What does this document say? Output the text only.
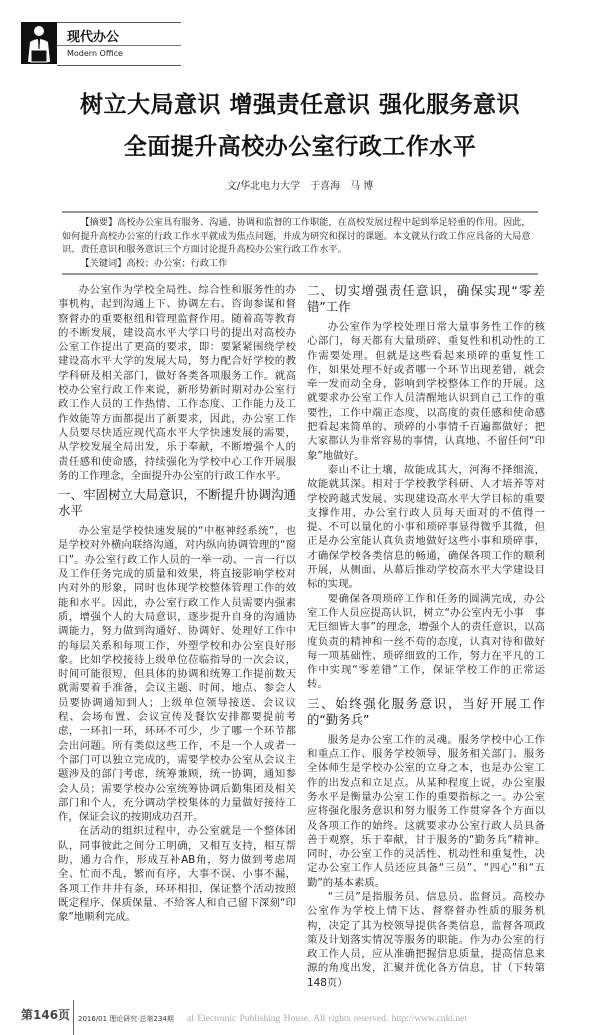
现代办公
Modern Office
树立大局意识 增强责任意识 强化服务意识
全面提升高校办公室行政工作水平
文/华北电力大学　于喜海　马 博

【摘要】高校办公室具有服务、沟通、协调和监督的工作职能，在高校发展过程中起到举足轻重的作用。因此，如何提升高校办公室的行政工作水平就成为焦点问题，并成为研究和探讨的课题。本文就从行政工作应具备的大局意识、责任意识和服务意识三个方面讨论提升高校办公室行政工作水平。

【关键词】高校；办公室；行政工作

办公室作为学校全局性、综合性和服务性的办事机构，起到沟通上下、协调左右、咨询参谋和督察督办的重要枢纽和管理监督作用。随着高等教育的不断发展，建设高水平大学口号的提出对高校办公室工作提出了更高的要求，即：要紧紧围绕学校建设高水平大学的发展大局，努力配合好学校的教学科研及相关部门，做好各类各项服务工作。就高校办公室行政工作来说，新形势新时期对办公室行政工作人员的工作热情、工作态度、工作能力及工作效能等方面都提出了新要求，因此，办公室工作人员要尽快适应现代高水平大学快速发展的需要，从学校发展全局出发，乐于奉献，不断增强个人的责任感和使命感，持续强化为学校中心工作开展服务的工作理念，全面提升办公室的行政工作水平。

一、牢固树立大局意识，不断提升协调沟通水平

办公室是学校快速发展的“中枢神经系统”，也是学校对外横向联络沟通，对内纵向协调管理的“窗口”。办公室行政工作人员的一举一动、一言一行以及工作任务完成的质量和效果，将直接影响学校对内对外的形象，同时也体现学校整体管理工作的效能和水平。因此，办公室行政工作人员需要内强素质，增强个人的大局意识，逐步提升自身的沟通协调能力，努力做到沟通好、协调好、处理好工作中的每层关系和每项工作，外塑学校和办公室良好形象。比如学校接待上级单位莅临指导的一次会议，时间可能很短，但具体的协调和统筹工作提前数天就需要着手准备，会议主题、时间、地点、参会人员要协调通知到人；上级单位领导接送、会议议程、会场布置、会议宣传及餐饮安排都要提前考虑，一环扣一环，环环不可少，少了哪一个环节都会出问题。所有类似这些工作，不是一个人或者一个部门可以独立完成的，需要学校办公室从会议主题涉及的部门考虑，统筹兼顾，统一协调，通知参会人员；需要学校办公室统筹协调后勤集团及相关部门和个人，充分调动学校集体的力量做好接待工作，保证会议的按期成功召开。

在活动的组织过程中，办公室就是一个整体团队，同事彼此之间分工明确，又相互支持，相互帮助，通力合作，形成互补AB角，努力做到考虑周全、忙而不乱，繁而有序，大事不误、小事不漏，各项工作井井有条，环环相扣，保证整个活动按照既定程序、保质保量、不给客人和自己留下深刻“印象”地顺利完成。

二、切实增强责任意识，确保实现“零差错”工作

办公室作为学校处理日常大量事务性工作的核心部门，每天都有大量琐碎、重复性和机动性的工作需要处理。但就是这些看起来琐碎的重复性工作，如果处理不好或者哪一个环节出现差错，就会牵一发而动全身，影响到学校整体工作的开展。这就要求办公室工作人员清醒地认识到自己工作的重要性，工作中端正态度，以高度的责任感和使命感把看起来简单的、琐碎的小事情千百遍都做好；把大家都认为非常容易的事情，认真地、不留任何“印象”地做好。

泰山不让土壤，故能成其大，河海不择细流，故能就其深。相对于学校教学科研、人才培养等对学校跨越式发展、实现建设高水平大学目标的重要支撑作用，办公室行政人员每天面对的不值得一提、不可以量化的小事和琐碎事显得微乎其微，但正是办公室能认真负责地做好这些小事和琐碎事，才确保学校各类信息的畅通，确保各项工作的顺利开展，从侧面、从幕后推动学校高水平大学建设目标的实现。

要确保各项琐碎工作和任务的圆满完成，办公室工作人员应提高认识，树立“办公室内无小事　事无巨细皆大事”的理念，增强个人的责任意识，以高度负责的精神和一丝不苟的态度，认真对待和做好每一项基础性、琐碎细致的工作，努力在平凡的工作中实现“零差错”工作，保证学校工作的正常运转。

三、始终强化服务意识，当好开展工作的“勤务兵”

服务是办公室工作的灵魂。服务学校中心工作和重点工作、服务学校领导、服务相关部门、服务全体师生是学校办公室的立身之本，也是办公室工作的出发点和立足点。从某种程度上说，办公室服务水平是衡量办公室工作的重要指标之一。办公室应将强化服务意识和努力服务工作贯穿各个方面以及各项工作的始终。这就要求办公室行政人员具备善于观察，乐于奉献，甘于服务的“勤务兵”精神。同时，办公室工作的灵活性、机动性和重复性，决定办公室工作人员还应具备“三员”、“四心”和“五勤”的基本素质。

“三员”是指服务员、信息员、监督员。高校办公室作为学校上情下达、督察督办性质的服务机构，决定了其为校领导提供各类信息，监督各项政策及计划落实情况等服务的职能。作为办公室的行政工作人员，应从准确把握信息质量，提高信息来源的角度出发，汇聚并优化各方信息，甘（下转第148页）

第146页 2016/01 理论研究·总第234期 al Electronic Publishing House. All rights reserved. http://www.cnki.net
